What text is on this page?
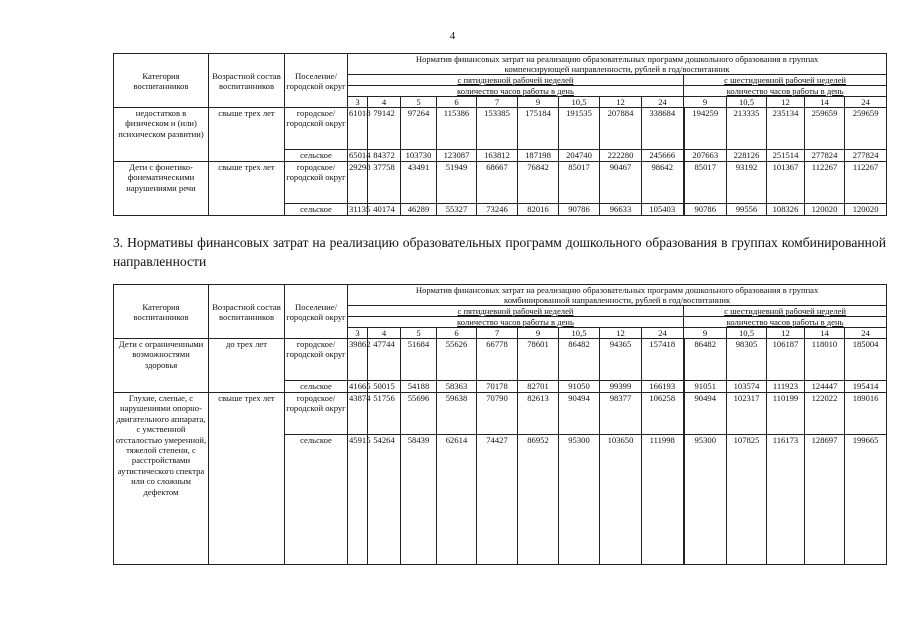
4
Категория воспитанников	Возрастной состав воспитанников	Поселение/ городской округ	Норматив финансовых затрат на реализацию образовательных программ дошкольного образования в группах компенсирующей направленности, рублей в год/воспитанник													
			с пятидневной рабочей неделей									с шестидневной рабочей неделей				
			количество часов работы в день									количество часов работы в день				
			3	4	5	6	7	9	10,5	12	24	9	10,5	12	14	24
недостатков в физическом и (или) психическом развитии)	свыше трех лет	городское/ городской округ	61018	79142	97264	115386	153385	175184	191535	207884	338684	194259	213335	235134	259659	259659
		сельское	65014	84372	103730	123087	163812	187198	204740	222280	245666	207663	228126	251514	277824	277824
Дети с фонетико-фонематическими нарушениями речи	свыше трех лет	городское/ городской округ	29298	37758	43491	51949	68667	76842	85017	90467	98642	85017	93192	101367	112267	112267
		сельское	31135	40174	46289	55327	73246	82016	90786	96633	105403	90786	99556	108326	120020	120020
3. Нормативы финансовых затрат на реализацию образовательных программ дошкольного образования в группах комбинированной направленности
Категория воспитанников	Возрастной состав воспитанников	Поселение/ городской округ	Норматив финансовых затрат на реализацию образовательных программ дошкольного образования в группах комбинированной направленности, рублей в год/воспитанник													
			с пятидневной рабочей неделей									с шестидневной рабочей неделей				
			количество часов работы в день									количество часов работы в день				
			3	4	5	6	7	9	10,5	12	24	9	10,5	12	14	24
Дети с ограниченными возможностями здоровья	до трех лет	городское/ городской округ	39862	47744	51684	55626	66778	78601	86482	94365	157418	86482	98305	106187	118010	185004
		сельское	41665	50015	54188	58363	70178	82701	91050	99399	166193	91051	103574	111923	124447	195414
Глухие, слепые, с нарушениями опорно-двигательного аппарата, с умственной отсталостью умеренной, тяжелой степени, с расстройствами аутистического спектра или со сложным дефектом	свыше трех лет	городское/ городской округ	43874	51756	55696	59638	70790	82613	90494	98377	106258	90494	102317	110199	122022	189016
		сельское	45915	54264	58439	62614	74427	86952	95300	103650	111998	95300	107825	116173	128697	199665
